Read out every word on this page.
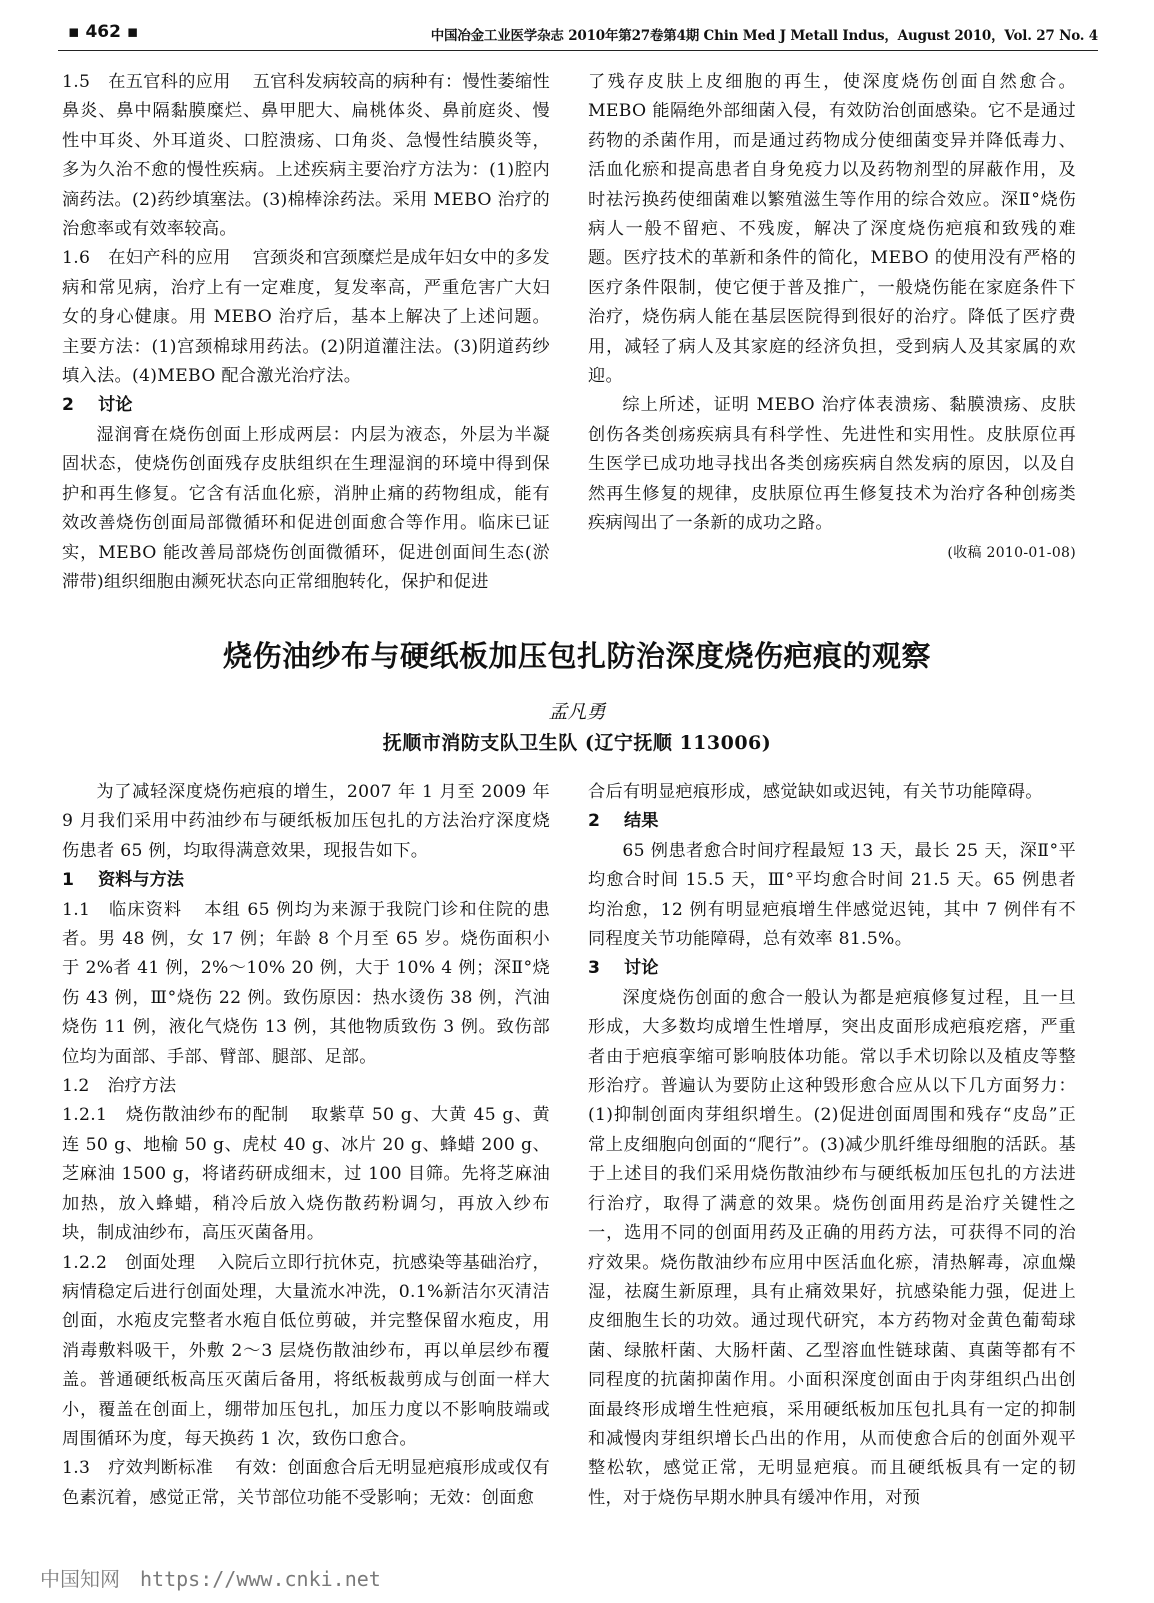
▪ 462 ▪	中国冶金工业医学杂志 2010年第27卷第4期 Chin Med J Metall Indus，August 2010，Vol. 27 No. 4

1.5 在五官科的应用 五官科发病较高的病种有：慢性萎缩性鼻炎、鼻中隔黏膜糜烂、鼻甲肥大、扁桃体炎、鼻前庭炎、慢性中耳炎、外耳道炎、口腔溃疡、口角炎、急慢性结膜炎等，多为久治不愈的慢性疾病。上述疾病主要治疗方法为：(1)腔内滴药法。(2)药纱填塞法。(3)棉棒涂药法。采用 MEBO 治疗的治愈率或有效率较高。

1.6 在妇产科的应用 宫颈炎和宫颈糜烂是成年妇女中的多发病和常见病，治疗上有一定难度，复发率高，严重危害广大妇女的身心健康。用 MEBO 治疗后，基本上解决了上述问题。主要方法：(1)宫颈棉球用药法。(2)阴道灌注法。(3)阴道药纱填入法。(4)MEBO 配合激光治疗法。

2 讨论

湿润膏在烧伤创面上形成两层：内层为液态，外层为半凝固状态，使烧伤创面残存皮肤组织在生理湿润的环境中得到保护和再生修复。它含有活血化瘀，消肿止痛的药物组成，能有效改善烧伤创面局部微循环和促进创面愈合等作用。临床已证实，MEBO 能改善局部烧伤创面微循环，促进创面间生态(淤滞带)组织细胞由濒死状态向正常细胞转化，保护和促进

了残存皮肤上皮细胞的再生，使深度烧伤创面自然愈合。MEBO 能隔绝外部细菌入侵，有效防治创面感染。它不是通过药物的杀菌作用，而是通过药物成分使细菌变异并降低毒力、活血化瘀和提高患者自身免疫力以及药物剂型的屏蔽作用，及时祛污换药使细菌难以繁殖滋生等作用的综合效应。深Ⅱ°烧伤病人一般不留疤、不残废，解决了深度烧伤疤痕和致残的难题。医疗技术的革新和条件的简化，MEBO 的使用没有严格的医疗条件限制，使它便于普及推广，一般烧伤能在家庭条件下治疗，烧伤病人能在基层医院得到很好的治疗。降低了医疗费用，减轻了病人及其家庭的经济负担，受到病人及其家属的欢迎。

综上所述，证明 MEBO 治疗体表溃疡、黏膜溃疡、皮肤创伤各类创疡疾病具有科学性、先进性和实用性。皮肤原位再生医学已成功地寻找出各类创疡疾病自然发病的原因，以及自然再生修复的规律，皮肤原位再生修复技术为治疗各种创疡类疾病闯出了一条新的成功之路。

(收稿 2010-01-08)

烧伤油纱布与硬纸板加压包扎防治深度烧伤疤痕的观察
孟凡勇
抚顺市消防支队卫生队 (辽宁抚顺 113006)

为了减轻深度烧伤疤痕的增生，2007 年 1 月至 2009 年 9 月我们采用中药油纱布与硬纸板加压包扎的方法治疗深度烧伤患者 65 例，均取得满意效果，现报告如下。

1 资料与方法

1.1 临床资料 本组 65 例均为来源于我院门诊和住院的患者。男 48 例，女 17 例；年龄 8 个月至 65 岁。烧伤面积小于 2%者 41 例，2%～10% 20 例，大于 10% 4 例；深Ⅱ°烧伤 43 例，Ⅲ°烧伤 22 例。致伤原因：热水烫伤 38 例，汽油烧伤 11 例，液化气烧伤 13 例，其他物质致伤 3 例。致伤部位均为面部、手部、臂部、腿部、足部。

1.2 治疗方法

1.2.1 烧伤散油纱布的配制 取紫草 50 g、大黄 45 g、黄连 50 g、地榆 50 g、虎杖 40 g、冰片 20 g、蜂蜡 200 g、芝麻油 1500 g，将诸药研成细末，过 100 目筛。先将芝麻油加热，放入蜂蜡，稍冷后放入烧伤散药粉调匀，再放入纱布块，制成油纱布，高压灭菌备用。

1.2.2 创面处理 入院后立即行抗休克，抗感染等基础治疗，病情稳定后进行创面处理，大量流水冲洗，0.1%新洁尔灭清洁创面，水疱皮完整者水疱自低位剪破，并完整保留水疱皮，用消毒敷料吸干，外敷 2～3 层烧伤散油纱布，再以单层纱布覆盖。普通硬纸板高压灭菌后备用，将纸板裁剪成与创面一样大小，覆盖在创面上，绷带加压包扎，加压力度以不影响肢端或周围循环为度，每天换药 1 次，致伤口愈合。

1.3 疗效判断标准 有效：创面愈合后无明显疤痕形成或仅有色素沉着，感觉正常，关节部位功能不受影响；无效：创面愈

合后有明显疤痕形成，感觉缺如或迟钝，有关节功能障碍。

2 结果

65 例患者愈合时间疗程最短 13 天，最长 25 天，深Ⅱ°平均愈合时间 15.5 天，Ⅲ°平均愈合时间 21.5 天。65 例患者均治愈，12 例有明显疤痕增生伴感觉迟钝，其中 7 例伴有不同程度关节功能障碍，总有效率 81.5%。

3 讨论

深度烧伤创面的愈合一般认为都是疤痕修复过程，且一旦形成，大多数均成增生性增厚，突出皮面形成疤痕疙瘩，严重者由于疤痕挛缩可影响肢体功能。常以手术切除以及植皮等整形治疗。普遍认为要防止这种毁形愈合应从以下几方面努力：(1)抑制创面肉芽组织增生。(2)促进创面周围和残存“皮岛”正常上皮细胞向创面的“爬行”。(3)减少肌纤维母细胞的活跃。基于上述目的我们采用烧伤散油纱布与硬纸板加压包扎的方法进行治疗，取得了满意的效果。烧伤创面用药是治疗关键性之一，选用不同的创面用药及正确的用药方法，可获得不同的治疗效果。烧伤散油纱布应用中医活血化瘀，清热解毒，凉血燥湿，祛腐生新原理，具有止痛效果好，抗感染能力强，促进上皮细胞生长的功效。通过现代研究，本方药物对金黄色葡萄球菌、绿脓杆菌、大肠杆菌、乙型溶血性链球菌、真菌等都有不同程度的抗菌抑菌作用。小面积深度创面由于肉芽组织凸出创面最终形成增生性疤痕，采用硬纸板加压包扎具有一定的抑制和减慢肉芽组织增长凸出的作用，从而使愈合后的创面外观平整松软，感觉正常，无明显疤痕。而且硬纸板具有一定的韧性，对于烧伤早期水肿具有缓冲作用，对预

中国知网 https://www.cnki.net
